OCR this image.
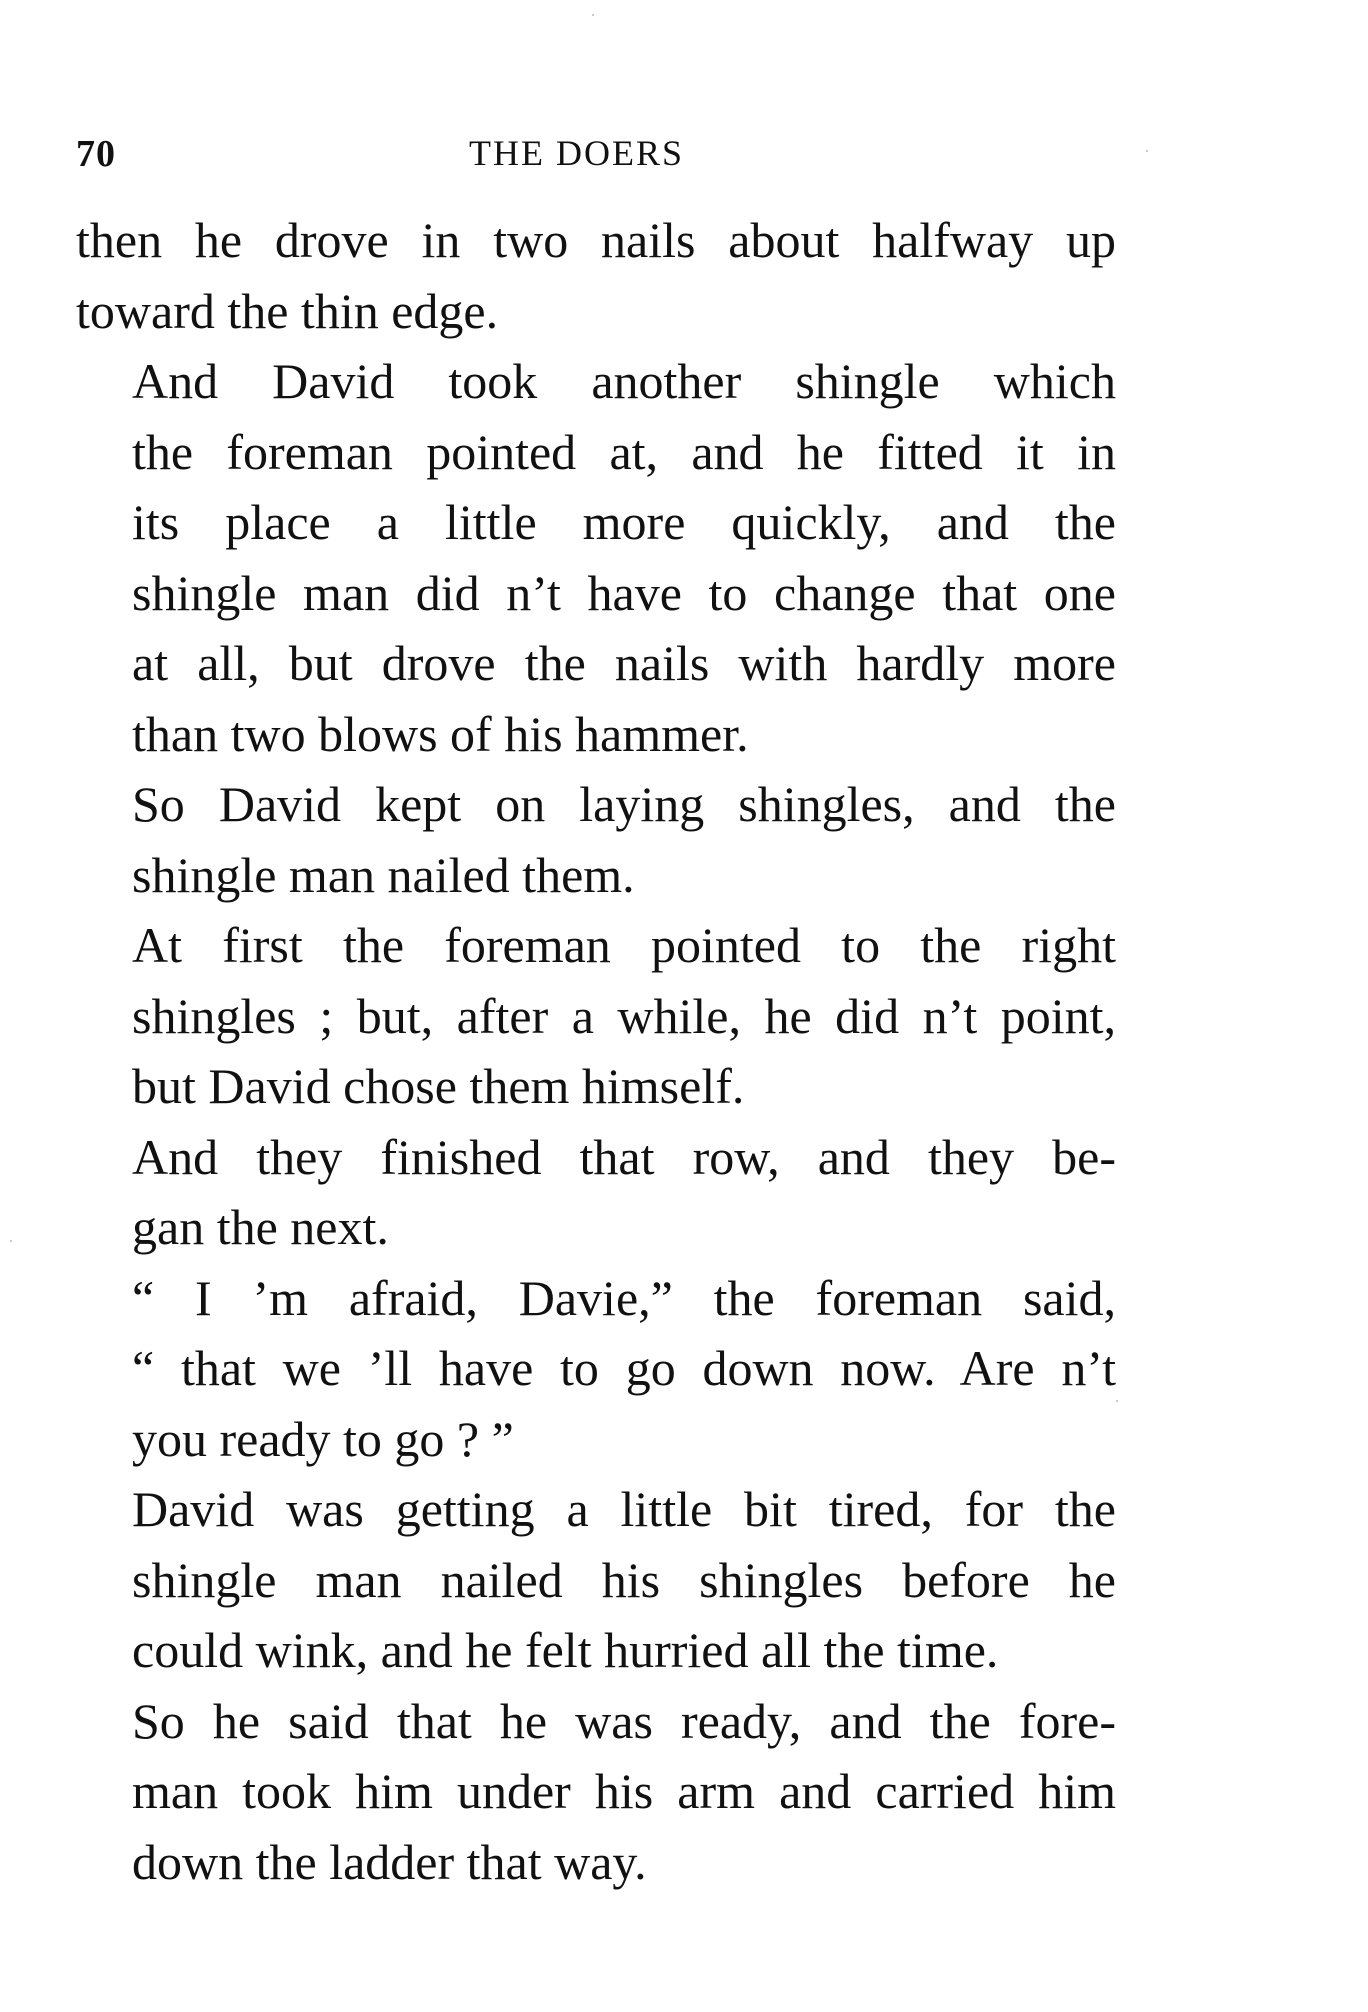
70	THE DOERS

then he drove in two nails about halfway up
toward the thin edge.

And David took another shingle which
the foreman pointed at, and he fitted it in
its place a little more quickly, and the
shingle man did n’t have to change that one
at all, but drove the nails with hardly more
than two blows of his hammer.

So David kept on laying shingles, and the
shingle man nailed them.

At first the foreman pointed to the right
shingles ; but, after a while, he did n’t point,
but David chose them himself.

And they finished that row, and they be-
gan the next.

“ I ’m afraid, Davie,” the foreman said,
“ that we ’ll have to go down now. Are n’t
you ready to go ? ”

David was getting a little bit tired, for the
shingle man nailed his shingles before he
could wink, and he felt hurried all the time.

So he said that he was ready, and the fore-
man took him under his arm and carried him
down the ladder that way.
